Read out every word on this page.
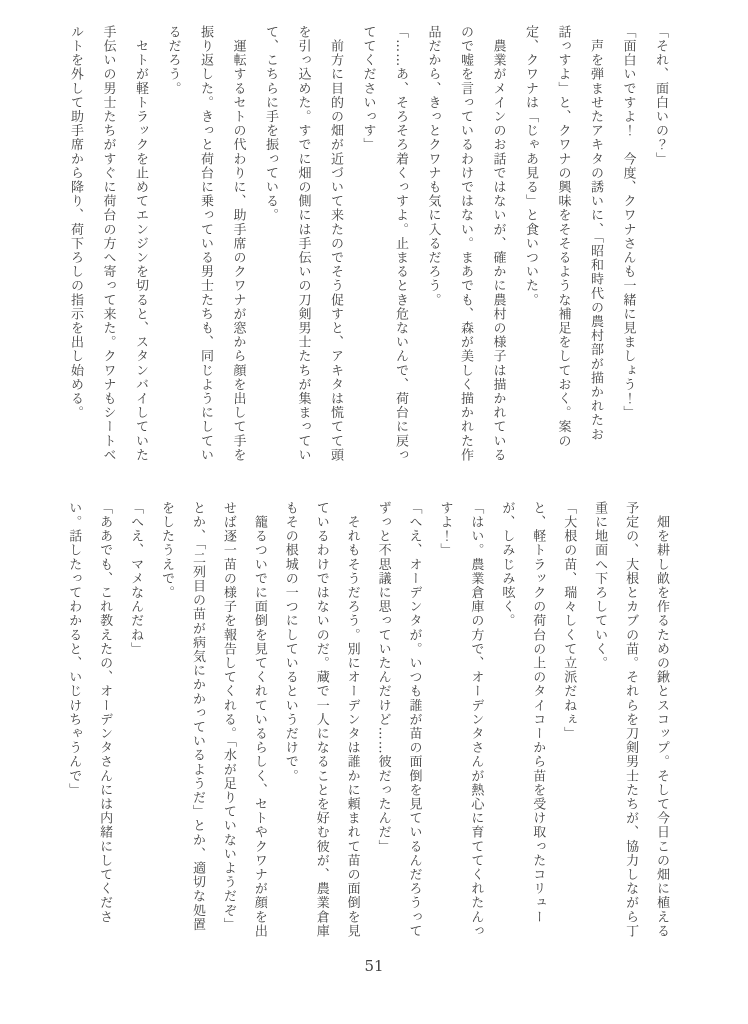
「それ、面白いの？」

「面白いですよ！　今度、クワナさんも一緒に見ましょう！」

　声を弾ませたアキタの誘いに、「昭和時代の農村部が描かれたお話っすよ」と、クワナの興味をそそるような補足をしておく。案の定、クワナは「じゃあ見る」と食いついた。

　農業がメインのお話ではないが、確かに農村の様子は描かれているので嘘を言っているわけではない。まあでも、森が美しく描かれた作品だから、きっとクワナも気に入るだろう。

「……あ、そろそろ着くっすよ。止まるとき危ないんで、荷台に戻っててくださいっす」

　前方に目的の畑が近づいて来たのでそう促すと、アキタは慌てて頭を引っ込めた。すでに畑の側には手伝いの刀剣男士たちが集まっていて、こちらに手を振っている。

　運転するセトの代わりに、助手席のクワナが窓から顔を出して手を振り返した。きっと荷台に乗っている男士たちも、同じようにしているだろう。

　セトが軽トラックを止めてエンジンを切ると、スタンバイしていた手伝いの男士たちがすぐに荷台の方へ寄って来た。クワナもシートベルトを外して助手席から降り、荷下ろしの指示を出し始める。

　畑を耕し畝を作るための鍬とスコップ。そして今日この畑に植える予定の、大根とカブの苗。それらを刀剣男士たちが、協力しながら丁重に地面へ下ろしていく。

「大根の苗、瑞々しくて立派だねぇ」

と、軽トラックの荷台の上のタイコーから苗を受け取ったコリューが、しみじみ呟く。

「はい。農業倉庫の方で、オーデンタさんが熱心に育ててくれたんっすよ！」

「へえ、オーデンタが。いつも誰が苗の面倒を見ているんだろうってずっと不思議に思っていたんだけど……彼だったんだ」

　それもそうだろう。別にオーデンタは誰かに頼まれて苗の面倒を見ているわけではないのだ。蔵で一人になることを好む彼が、農業倉庫もその根城の一つにしているというだけで。

　籠るついでに面倒を見てくれているらしく、セトやクワナが顔を出せば逐一苗の様子を報告してくれる。「水が足りていないようだぞ」とか、「二列目の苗が病気にかかっているようだ」とか、適切な処置をしたうえで。

「へえ、マメなんだね」

「ああでも、これ教えたの、オーデンタさんには内緒にしてください。話したってわかると、いじけちゃうんで」

51
